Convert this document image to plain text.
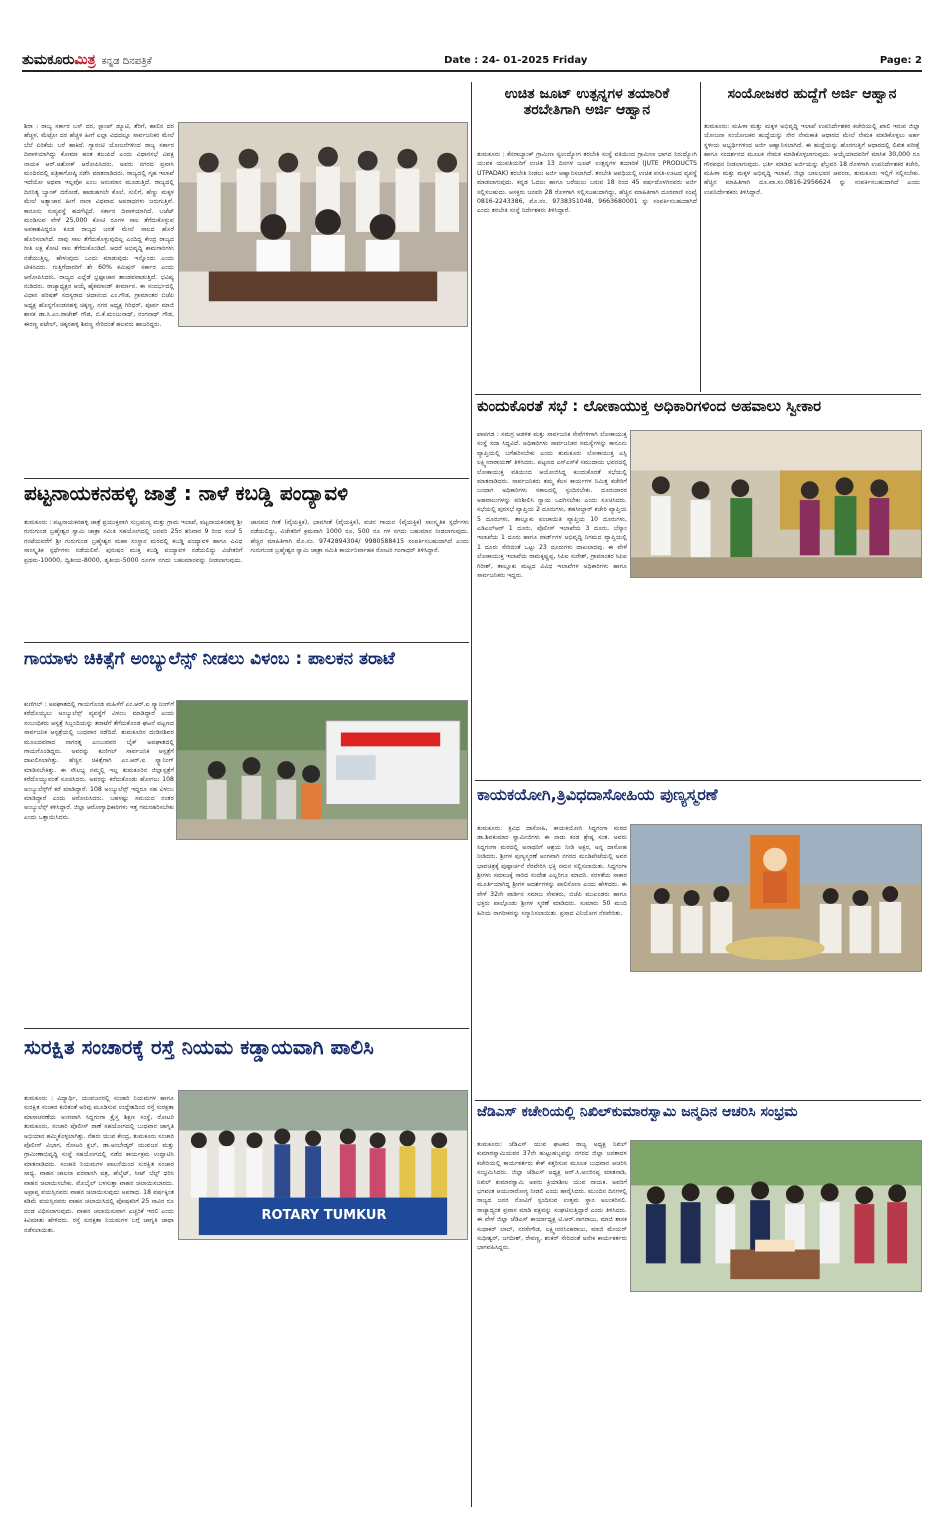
ತುಮಕೂರುಮಿತ್ರ ಕನ್ನಡ ದಿನಪತ್ರಿಕೆ	Date : 24- 01-2025 Friday	Page: 2
ಶಿರಾ : ರಾಜ್ಯ ಸರ್ಕಾರ ಬಸ್ ದರ, ಸ್ಟಾಂಪ್ ಡ್ಯೂಟಿ, ತೆರಿಗೆ, ಹಾಲಿನ ದರ ಹೆಚ್ಚಳ, ಮೆಟ್ರೋ ದರ ಹೆಚ್ಚಳ ಹೀಗೆ ಎಲ್ಲಾ ವಿಧದಲ್ಲೂ ಸಾರ್ವಜನಿಕರ ಮೇಲೆ ಬೆಲೆ ಏರಿಕೆಯ ಬರೆ ಹಾಕಿದೆ. ಗ್ಯಾರಂಟಿ ಯೋಜನೆಗಳಿಂದ ರಾಜ್ಯ ಸರ್ಕಾರ ದಿವಾಳಿಯಾಗಿದ್ದು ಕೋಮಾ ಹಂತ ತಲುಪಿದೆ ಎಂದು ವಿಧಾನಸಭೆ ವಿಪಕ್ಷ ನಾಯಕ ಆರ್.ಅಶೋಕ್ ಆರೋಪಿಸಿದರು. ಅವರು ನಗರದ ಪ್ರವಾಸಿ ಮಂದಿರದಲ್ಲಿ ಪತ್ರಿಕಾಗೋಷ್ಠಿ ನಡೆಸಿ ಮಾತನಾಡಿದರು. ರಾಜ್ಯದಲ್ಲಿ ಗೃಹ ಇಲಾಖೆ ಇದೆಯೋ ಅಥವಾ ಇಲ್ಲವೋ ಎಂಬ ಅನುಮಾನ ಮೂಡುತ್ತಿದೆ. ರಾಜ್ಯದಲ್ಲಿ ದಿನನಿತ್ಯ ಬ್ಯಾಂಕ್ ದರೋಡೆ, ಹಾಡುಹಗಲೇ ಕೊಲೆ, ಸುಲಿಗೆ, ಹೆಣ್ಣು ಮಕ್ಕಳ ಮೇಲೆ ಅತ್ಯಾಚಾರ ಹೀಗೆ ನಾನಾ ವಿಧವಾದ ಅಪರಾಧಗಳು ಜರುಗುತ್ತಿವೆ. ಕಾನೂನು ಸುವ್ಯವಸ್ಥೆ ಹದಗೆಟ್ಟಿದೆ. ಸರ್ಕಾರ ದಿವಾಳಿಯಾಗಿದೆ. ಬಜೆಟ್ ಮಂಡಿಸುವ ವೇಳೆ 25,000 ಕೋಟಿ ರೂಗಳ ಸಾಲ ತೆಗೆದುಕೊಳ್ಳುವ ಅವಕಾಶವಿದ್ದರೂ ಕೂಡ ರಾಜ್ಯದ ಜನತೆ ಮೇಲೆ ಸಾಲದ ಹೊರೆ ಹೊರಿಸಲಾಗಿದೆ. ನಾವು ಸಾಲ ತೆಗೆದುಕೊಳ್ಳುವುದಿಲ್ಲ ಎಂದಿದ್ದ ಕೇಂದ್ರ ರಾಜ್ಯದ ರೀತಿ ಲಕ್ಷ ಕೋಟಿ ಸಾಲ ತೆಗೆದುಕೊಂಡಿದೆ. ಆದರೆ ಅಭಿವೃದ್ಧಿ ಕಾಮಗಾರಿಗಳು ನಡೆಯುತ್ತಿಲ್ಲ. ಹೇಳುವುದು ಒಂದು ಮಾಡುವುದು ಇನ್ನೊಂದು ಎಂದು ಟೀಕಿಸಿದರು. ಗುತ್ತಿಗೆದಾರರಿಗೆ ಶೇ 60% ಕಮಿಷನ್ ಸರ್ಕಾರ ಎಂದು ಆರೋಪಿಸಿದರು. ರಾಜ್ಯದ ಎಲ್ಲೆಡೆ ಭ್ರಷ್ಟಾಚಾರ ತಾಂಡವವಾಡುತ್ತಿದೆ. ಭವಿಷ್ಯ ನುಡಿದರು. ರಾಜ್ಯಾಧ್ಯಕ್ಷರ ಆಯ್ಕೆ ಹೈಕಮಾಂಡ್ ತೀರ್ಮಾನ. ಈ ಸಂದರ್ಭದಲ್ಲಿ ವಿಧಾನ ಪರಿಷತ್ ಸದಸ್ಯರಾದ ಚಿದಾನಂದ ಎಂ.ಗೌಡ, ಗ್ರಾಮಾಂತರ ಬಿಜೆಪಿ ಅಧ್ಯಕ್ಷ ಹೊನ್ನಗೊಂಡನಹಳ್ಳಿ ಚಿಕ್ಕಣ್ಣ, ನಗರ ಅಧ್ಯಕ್ಷ ಗಿರಿಧರ್, ಪೂರ್ವ ಮಾಜಿ ಶಾಸಕ ಡಾ.ಸಿ.ಎಂ.ರಾಜೇಶ್ ಗೌಡ, ಬಿ.ಕೆ.ಮಂಜುನಾಥ್, ರಂಗನಾಥ್ ಗೌಡ, ಈರಣ್ಣ ಪಟೇಲ್, ಚಿಕ್ಕನಹಳ್ಳಿ ಶಿವಣ್ಣ ಸೇರಿದಂತೆ ಹಲವರು ಹಾಜರಿದ್ದರು.
ಪಟ್ಟನಾಯಕನಹಳ್ಳಿ ಜಾತ್ರೆ : ನಾಳೆ ಕಬಡ್ಡಿ ಪಂದ್ಯಾವಳಿ
ತುಮಕೂರು : ಪಟ್ಟನಾಯಕನಹಳ್ಳಿ ಜಾತ್ರೆ ಪ್ರಯುಕ್ತವಾಗಿ ಸುಬ್ರಮಣ್ಯ ಮತ್ತು ಗ್ರಾಮ ಇಲಾಖೆ, ಪಟ್ಟನಾಯಕನಹಳ್ಳಿ ಶ್ರೀ ಗುರುಗುಂಡ ಬ್ರಹ್ಮೇಶ್ವರ ಸ್ವಾಮಿ ಜಾತ್ರಾ ಸಮಿತಿ ಸಹಯೋಗದಲ್ಲಿ ಜನವರಿ 25ರ ಶನಿವಾರ 9 ರಿಂದ ಸಂಜೆ 5 ಗಂಟೆಯವರೆಗೆ ಶ್ರೀ ಗುರುಗುಂಡ ಬ್ರಹ್ಮೇಶ್ವರ ಮಹಾ ಸಂಸ್ಥಾನ ಮಠದಲ್ಲಿ ಕಬಡ್ಡಿ ಪಂದ್ಯಾವಳಿ ಹಾಗೂ ವಿವಿಧ ಸಾಂಸ್ಕೃತಿಕ ಸ್ಪರ್ಧೆಗಳು ನಡೆಯಲಿವೆ. ಪುರುಷರ ಮುಕ್ತ ಕಬಡ್ಡಿ ಪಂದ್ಯಾವಳಿ ನಡೆಯಲಿದ್ದು ವಿಜೇತರಿಗೆ ಪ್ರಥಮ-10000, ದ್ವಿತೀಯ-8000, ತೃತೀಯ-5000 ರೂಗಳ ನಗದು ಬಹುಮಾನವನ್ನು ನೀಡಲಾಗುವುದು. ಜಾನಪದ ಗೀತೆ (ವೈಯಕ್ತಿಕ), ಭಾವಗೀತೆ (ವೈಯಕ್ತಿಕ), ವಚನ ಗಾಯನ (ವೈಯಕ್ತಿಕ) ಸಾಂಸ್ಕೃತಿಕ ಸ್ಪರ್ಧೆಗಳು ನಡೆಯಲಿದ್ದು, ವಿಜೇತರಿಗೆ ಕ್ರಮವಾಗಿ 1000 ರೂ, 500 ರೂ ಗಳ ನಗದು ಬಹುಮಾನ ನೀಡಲಾಗುವುದು. ಹೆಚ್ಚಿನ ಮಾಹಿತಿಗಾಗಿ ಮೊ.ನಂ. 9742894304/ 9980588415 ಸಂಪರ್ಕಿಸಬಹುದಾಗಿದೆ ಎಂದು ಗುರುಗುಂಡ ಬ್ರಹ್ಮೇಶ್ವರ ಸ್ವಾಮಿ ಜಾತ್ರಾ ಸಮಿತಿ ಕಾರ್ಯನಿರ್ವಾಹಕ ರೋಟರಿ ಗಂಗಾಧರ್ ತಿಳಿಸಿದ್ದಾರೆ.
ಗಾಯಾಳು ಚಿಕಿತ್ಸೆಗೆ ಅಂಬ್ಯುಲೆನ್ಸ್ ನೀಡಲು ವಿಳಂಬ : ಪಾಲಕನ ತರಾಟೆ
ಕುಣಿಗಲ್ : ಅಪಘಾತದಲ್ಲಿ ಗಾಯಗೊಂಡ ಮಹಿಳೆಗೆ ಎಂ.ಆರ್.ಐ ಸ್ಕ್ಯಾನಿಂಗ್‌ಗೆ ಕರೆದೊಯ್ಯಲು ಅಂಬ್ಯುಲೆನ್ಸ್ ವ್ಯವಸ್ಥೆಗೆ ವಿಳಂಬ ಮಾಡಿದ್ದಾರೆ ಎಂದು ಸಂಬಂಧಿಕರು ಆಸ್ಪತ್ರೆ ಸಿಬ್ಬಂದಿಯನ್ನು ತರಾಟೆಗೆ ತೆಗೆದುಕೊಂಡ ಘಟನೆ ಪಟ್ಟಣದ ಸಾರ್ವಜನಿಕ ಆಸ್ಪತ್ರೆಯಲ್ಲಿ ಬುಧವಾರ ನಡೆದಿದೆ. ತುಮಕೂರಿನ ದಂಡಿನಶಿವರ ಮೂಲದವರಾದ ನಾಗರತ್ನ ಎಂಬುವವರ ಬೈಕ್ ಅಪಘಾತದಲ್ಲಿ ಗಾಯಗೊಂಡಿದ್ದರು. ಅವರನ್ನು ಕುಣಿಗಲ್ ಸಾರ್ವಜನಿಕ ಆಸ್ಪತ್ರೆಗೆ ದಾಖಲಿಸಲಾಗಿತ್ತು. ಹೆಚ್ಚಿನ ಚಿಕಿತ್ಸೆಗಾಗಿ ಎಂ.ಆರ್.ಐ ಸ್ಕ್ಯಾನಿಂಗ್ ಮಾಡಿಸಬೇಕಿತ್ತು. ಈ ಸೌಲಭ್ಯ ನಮ್ಮಲ್ಲಿ ಇಲ್ಲ ತುಮಕೂರಿನ ಜಿಲ್ಲಾಸ್ಪತ್ರೆಗೆ ಕರೆದೊಯ್ಯುವಂತೆ ಸೂಚಿಸಿದರು. ಅವರನ್ನು ಕರೆದುಕೊಂಡು ಹೋಗಲು 108 ಅಂಬ್ಯುಲೆನ್ಸ್‌ಗೆ ಕರೆ ಮಾಡಿದ್ದಾರೆ. 108 ಅಂಬ್ಯುಲೆನ್ಸ್ ಇದ್ದರೂ ಸಹ ವಿಳಂಬ ಮಾಡಿದ್ದಾರೆ ಎಂದು ಆರೋಪಿಸಿದರು. ಬಹಳಷ್ಟು ಸಮಯದ ನಂತರ ಅಂಬ್ಯುಲೆನ್ಸ್ ಕಳಿಸಿದ್ದಾರೆ. ಜಿಲ್ಲಾ ಆರೋಗ್ಯಾಧಿಕಾರಿಗಳು ಇತ್ತ ಗಮನಹರಿಸಬೇಕು ಎಂದು ಒತ್ತಾಯಿಸಿದರು.
ಸುರಕ್ಷಿತ ಸಂಚಾರಕ್ಕೆ ರಸ್ತೆ ನಿಯಮ ಕಡ್ಡಾಯವಾಗಿ ಪಾಲಿಸಿ
ತುಮಕೂರು : ವಿದ್ಯಾರ್ಥಿ, ಯುವಜನರಲ್ಲಿ ಸಂಚಾರಿ ನಿಯಮಗಳ ಹಾಗೂ ಸುರಕ್ಷಿತ ಸಂಚಾರ ಕುರಿತಂತೆ ಅರಿವು ಮೂಡಿಸುವ ಉದ್ದೇಶದಿಂದ ರಸ್ತೆ ಸುರಕ್ಷತಾ ಮಾಸಾಚರಣೆಯ ಅಂಗವಾಗಿ ಸಿದ್ದಗಂಗಾ ಕ್ರೈಸ್ತ ಶಿಕ್ಷಣ ಸಂಸ್ಥೆ, ರೋಟರಿ ತುಮಕೂರು, ಸಂಚಾರಿ ಪೊಲೀಸ್ ಠಾಣೆ ಸಹಯೋಗದಲ್ಲಿ ಬುಧವಾರ ಜಾಗೃತಿ ಅಭಿಯಾನ ಹಮ್ಮಿಕೊಳ್ಳಲಾಗಿತ್ತು. ನೆಹರು ಯುವ ಕೇಂದ್ರ, ತುಮಕೂರು ಸಂಚಾರಿ ಪೊಲೀಸ್ ವಿಭಾಗ, ರೋಟರಿ ಕ್ಲಬ್, ಡಾ.ಅಂಬೇಡ್ಕರ್ ಯುವಜನ ಮತ್ತು ಗ್ರಾಮೀಣಾಭಿವೃದ್ಧಿ ಸಂಸ್ಥೆ ಸಹಯೋಗದಲ್ಲಿ ನಡೆದ ಕಾರ್ಯಕ್ರಮ ಉದ್ಘಾಟಿಸಿ ಮಾತನಾಡಿದರು. ಸಂಚಾರಿ ನಿಯಮಗಳ ಪಾಲನೆಯಿಂದ ಸುರಕ್ಷಿತ ಸಂಚಾರ ಸಾಧ್ಯ. ವಾಹನ ಚಾಲನಾ ಪರವಾನಗಿ ಪತ್ರ, ಹೆಲ್ಮೆಟ್, ಸೀಟ್ ಬೆಲ್ಟ್ ಧರಿಸಿ ವಾಹನ ಚಲಾಯಿಸಬೇಕು. ಮೊಬೈಲ್ ಬಳಸುತ್ತಾ ವಾಹನ ಚಲಾಯಿಸಬಾರದು. ಅಪ್ರಾಪ್ತ ವಯಸ್ಸಿನವರು ವಾಹನ ಚಲಾಯಿಸುವುದು ಅಪರಾಧ. 18 ವರ್ಷಕ್ಕಿಂತ ಕಡಿಮೆ ವಯಸ್ಸಿನವರು ವಾಹನ ಚಲಾಯಿಸಿದಲ್ಲಿ ಪೋಷಕರಿಗೆ 25 ಸಾವಿರ ರೂ ದಂಡ ವಿಧಿಸಲಾಗುವುದು. ವಾಹನ ಚಲಾಯಿಸುವಾಗ ಎಚ್ಚರಿಕೆ ಇರಲಿ ಎಂದು ಕಿವಿಮಾತು ಹೇಳಿದರು. ರಸ್ತೆ ಸುರಕ್ಷತಾ ನಿಯಮಗಳ ಬಗ್ಗೆ ಜಾಗೃತಿ ಜಾಥಾ ನಡೆಸಲಾಯಿತು.
ROTARY TUMKUR
ಉಚಿತ ಜೂಟ್ ಉತ್ಪನ್ನಗಳ ತಯಾರಿಕೆ ತರಬೇತಿಗಾಗಿ ಅರ್ಜಿ ಆಹ್ವಾನ
ತುಮಕೂರು : ಕೆನರಾಬ್ಯಾಂಕ್ ಗ್ರಾಮೀಣ ಸ್ವಉದ್ಯೋಗ ತರಬೇತಿ ಸಂಸ್ಥೆ ವತಿಯಿಂದ ಗ್ರಾಮೀಣ ಭಾಗದ ನಿರುದ್ಯೋಗಿ ಯುವಕ ಯುವತಿಯರಿಗೆ ಉಚಿತ 13 ದಿನಗಳ ಜೂಟ್ ಉತ್ಪನ್ನಗಳ ತಯಾರಿಕೆ (JUTE PRODUCTS UTPADAK) ತರಬೇತಿ ನೀಡಲು ಅರ್ಜಿ ಆಹ್ವಾನಿಸಲಾಗಿದೆ. ತರಬೇತಿ ಅವಧಿಯಲ್ಲಿ ಉಚಿತ ವಸತಿ-ಊಟದ ವ್ಯವಸ್ಥೆ ಮಾಡಲಾಗುವುದು. ಕನ್ನಡ ಓದಲು ಹಾಗೂ ಬರೆಯಲು ಬರುವ 18 ರಿಂದ 45 ವರ್ಷದೊಳಗಿನವರು ಅರ್ಜಿ ಸಲ್ಲಿಸಬಹುದು. ಆಸಕ್ತರು ಜನವರಿ 28 ರೊಳಗಾಗಿ ಸಲ್ಲಿಸಬಹುದಾಗಿದ್ದು, ಹೆಚ್ಚಿನ ಮಾಹಿತಿಗಾಗಿ ದೂರವಾಣಿ ಸಂಖ್ಯೆ 0816-2243386, ಮೊ.ನಂ. 9738351048, 9663680001 ನ್ನು ಸಂಪರ್ಕಿಸಬಹುದಾಗಿದೆ ಎಂದು ತರಬೇತಿ ಸಂಸ್ಥೆ ನಿರ್ದೇಶಕರು ತಿಳಿಸಿದ್ದಾರೆ.
ಸಂಯೋಜಕರ ಹುದ್ದೆಗೆ ಅರ್ಜಿ ಆಹ್ವಾನ
ತುಮಕೂರು: ಮಹಿಳಾ ಮತ್ತು ಮಕ್ಕಳ ಅಭಿವೃದ್ಧಿ ಇಲಾಖೆ ಉಪನಿರ್ದೇಶಕರ ಕಚೇರಿಯಲ್ಲಿ ಖಾಲಿ ಇರುವ ಜಿಲ್ಲಾ ಯೋಜನಾ ಸಂಯೋಜಕರ ಹುದ್ದೆಯನ್ನು ನೇರ ನೇಮಕಾತಿ ಆಧಾರದ ಮೇಲೆ ನೇಮಕ ಮಾಡಿಕೊಳ್ಳಲು ಅರ್ಹ ಸ್ಥಳೀಯ ಅಭ್ಯರ್ಥಿಗಳಿಂದ ಅರ್ಜಿ ಆಹ್ವಾನಿಸಲಾಗಿದೆ. ಈ ಹುದ್ದೆಯನ್ನು ಹೊರಗುತ್ತಿಗೆ ಆಧಾರದಲ್ಲಿ ಲಿಖಿತ ಪರೀಕ್ಷೆ ಹಾಗೂ ಸಂದರ್ಶನದ ಮೂಲಕ ನೇಮಕ ಮಾಡಿಕೊಳ್ಳಲಾಗುವುದು. ಆಯ್ಕೆಯಾದವರಿಗೆ ಮಾಸಿಕ 30,000 ರೂ ಗೌರವಧನ ನೀಡಲಾಗುವುದು. ಭರ್ತಿ ಮಾಡಿದ ಅರ್ಜಿಯನ್ನು ಫೆಬ್ರವರಿ 18 ರೊಳಗಾಗಿ ಉಪನಿರ್ದೇಶಕರ ಕಚೇರಿ, ಮಹಿಳಾ ಮತ್ತು ಮಕ್ಕಳ ಅಭಿವೃದ್ಧಿ ಇಲಾಖೆ, ಜಿಲ್ಲಾ ಬಾಲಭವನ ಆವರಣ, ತುಮಕೂರು ಇಲ್ಲಿಗೆ ಸಲ್ಲಿಸಬೇಕು. ಹೆಚ್ಚಿನ ಮಾಹಿತಿಗಾಗಿ ದೂ.ವಾ.ಸಂ.0816-2956624 ನ್ನು ಸಂಪರ್ಕಿಸಬಹುದಾಗಿದೆ ಎಂದು ಉಪನಿರ್ದೇಶಕರು ತಿಳಿಸಿದ್ದಾರೆ.
ಕುಂದುಕೊರತೆ ಸಭೆ : ಲೋಕಾಯುಕ್ತ ಅಧಿಕಾರಿಗಳಿಂದ ಅಹವಾಲು ಸ್ವೀಕಾರ
ಪಾವಗಡ : ಸಮಗ್ರ ಆಡಳಿತ ಮತ್ತು ಸಾರ್ವಜನಿಕ ಸೇವೆಗಳಿಗಾಗಿ ಲೋಕಾಯುಕ್ತ ಸಂಸ್ಥೆ ಸದಾ ಸಿದ್ಧವಿದೆ. ಅಧಿಕಾರಿಗಳು ಸಾರ್ವಜನಿಕರ ಸಮಸ್ಯೆಗಳನ್ನು ಕಾನೂನು ವ್ಯಾಪ್ತಿಯಲ್ಲಿ ಬಗೆಹರಿಸಬೇಕು ಎಂದು ತುಮಕೂರು ಲೋಕಾಯುಕ್ತ ಎಸ್ಪಿ ಲಕ್ಷ್ಮೀನಾರಾಯಣ್ ತಿಳಿಸಿದರು. ಪಟ್ಟಣದ ಎಸ್‌ಎಸ್‌ಕೆ ಸಮುದಾಯ ಭವನದಲ್ಲಿ ಲೋಕಾಯುಕ್ತ ವತಿಯಿಂದ ಆಯೋಜಿಸಿದ್ದ ಕುಂದುಕೊರತೆ ಸಭೆಯಲ್ಲಿ ಮಾತನಾಡಿದರು. ಸಾರ್ವಜನಿಕರು ತಮ್ಮ ಕೆಲಸ ಕಾರ್ಯಗಳ ನಿಮಿತ್ತ ಕಚೇರಿಗೆ ಬಂದಾಗ ಅಧಿಕಾರಿಗಳು ಸಕಾಲದಲ್ಲಿ ಸ್ಪಂದಿಸಬೇಕು. ದೂರುದಾರರ ಅಹವಾಲುಗಳನ್ನು ಪರಿಶೀಲಿಸಿ ನ್ಯಾಯ ಒದಗಿಸಬೇಕು ಎಂದು ಸೂಚಿಸಿದರು. ಸಭೆಯಲ್ಲಿ ಪುರಸಭೆ ವ್ಯಾಪ್ತಿಯ 2 ದೂರುಗಳು, ತಹಸೀಲ್ದಾರ್ ಕಚೇರಿ ವ್ಯಾಪ್ತಿಯ 5 ದೂರುಗಳು, ತಾಲ್ಲೂಕು ಪಂಚಾಯಿತಿ ವ್ಯಾಪ್ತಿಯ 10 ದೂರುಗಳು, ಎಡಿಎಲ್‌ಆರ್ 1 ದೂರು, ಪೊಲೀಸ್ ಇಲಾಖೆಯ 3 ದೂರು, ಬೆಸ್ಕಾಂ ಇಲಾಖೆಯ 1 ದೂರು ಹಾಗೂ ವಾರ್ಡ್‌ಗಳ ಅಭಿವೃದ್ಧಿ ನಿಗಮದ ವ್ಯಾಪ್ತಿಯಲ್ಲಿ 1 ದೂರು ಸೇರಿದಂತೆ ಒಟ್ಟು 23 ದೂರುಗಳು ದಾಖಲಾದವು. ಈ ವೇಳೆ ಲೋಕಾಯುಕ್ತ ಇಲಾಖೆಯ ರಾಮಕೃಷ್ಣಪ್ಪ, ಸಿಪಿಐ ಸುರೇಶ್, ಗ್ರಾಮಾಂತರ ಸಿಪಿಐ ಗಿರೀಶ್, ತಾಲ್ಲೂಕು ಮಟ್ಟದ ವಿವಿಧ ಇಲಾಖೆಗಳ ಅಧಿಕಾರಿಗಳು ಹಾಗೂ ಸಾರ್ವಜನಿಕರು ಇದ್ದರು.
ಕಾಯಕಯೋಗಿ,ತ್ರಿವಿಧದಾಸೋಹಿಯ ಪುಣ್ಯಸ್ಮರಣೆ
ತುಮಕೂರು: ತ್ರಿವಿಧ ದಾಸೋಹಿ, ಕಾಯಕಯೋಗಿ ಸಿದ್ಧಗಂಗಾ ಮಠದ ಡಾ.ಶಿವಕುಮಾರ ಸ್ವಾಮೀಜಿಗಳು ಈ ನಾಡು ಕಂಡ ಶ್ರೇಷ್ಠ ಸಂತ. ಅವರು ಸಿದ್ದಗಂಗಾ ಮಠದಲ್ಲಿ ಅನಾಥರಿಗೆ ಆಶ್ರಯ ನೀಡಿ ಅಕ್ಷರ, ಅನ್ನ ದಾಸೋಹ ನೀಡಿದರು. ಶ್ರೀಗಳ ಪುಣ್ಯಸ್ಮರಣೆ ಅಂಗವಾಗಿ ನಗರದ ಮಂಡಿಪೇಟೆಯಲ್ಲಿ ಅವರ ಭಾವಚಿತ್ರಕ್ಕೆ ಪುಷ್ಪಾರ್ಚನೆ ನೆರವೇರಿಸಿ ಭಕ್ತಿ ನಮನ ಸಲ್ಲಿಸಲಾಯಿತು. ಸಿದ್ದಗಂಗಾ ಶ್ರೀಗಳು ಸಮಾಜಕ್ಕೆ ಸಾರಿದ ಸಂದೇಶ ಎಲ್ಲರಿಗೂ ಮಾದರಿ. ಸರಳತೆಯ ಸಾಕಾರ ಮೂರ್ತಿಯಾಗಿದ್ದ ಶ್ರೀಗಳ ಆದರ್ಶಗಳನ್ನು ಪಾಲಿಸೋಣ ಎಂದು ಹೇಳಿದರು. ಈ ವೇಳೆ 32ನೇ ವಾರ್ಡಿನ ಸಮಾಜ ಸೇವಕರು, ಬಿಜೆಪಿ ಮುಖಂಡರು ಹಾಗೂ ಭಕ್ತರು ಪಾಲ್ಗೊಂಡು ಶ್ರೀಗಳ ಸ್ಮರಣೆ ಮಾಡಿದರು. ಸುಮಾರು 50 ಮಂದಿ ಹಿರಿಯ ನಾಗರೀಕರನ್ನು ಸನ್ಮಾನಿಸಲಾಯಿತು. ಪ್ರಸಾದ ವಿನಿಯೋಗ ನೆರವೇರಿತು.
ಜೆಡಿಎಸ್ ಕಚೇರಿಯಲ್ಲಿ ನಿಖಿಲ್‌ಕುಮಾರಸ್ವಾಮಿ ಜನ್ಮದಿನ ಆಚರಿಸಿ ಸಂಭ್ರಮ
ತುಮಕೂರು: ಜೆಡಿಎಸ್ ಯುವ ಘಟಕದ ರಾಜ್ಯ ಅಧ್ಯಕ್ಷ ನಿಖಿಲ್ ಕುಮಾರಸ್ವಾಮಿಯವರ 37ನೇ ಹುಟ್ಟುಹಬ್ಬವನ್ನು ನಗರದ ಜಿಲ್ಲಾ ಜನತಾದಳ ಕಚೇರಿಯಲ್ಲಿ ಕಾರ್ಯಕರ್ತರು ಕೇಕ್ ಕತ್ತರಿಸುವ ಮೂಲಕ ಬುಧವಾರ ಆಚರಿಸಿ ಸಂಭ್ರಮಿಸಿದರು. ಜಿಲ್ಲಾ ಜೆಡಿಎಸ್ ಅಧ್ಯಕ್ಷ ಆರ್.ಸಿ.ಅಂಜಿನಪ್ಪ ಮಾತನಾಡಿ, ನಿಖಿಲ್ ಕುಮಾರಸ್ವಾಮಿ ಅವರು ಕ್ರಿಯಾಶೀಲ ಯುವ ನಾಯಕ. ಅವರಿಗೆ ಭಗವಂತ ಆಯುರಾರೋಗ್ಯ ನೀಡಲಿ ಎಂದು ಹಾರೈಸಿದರು. ಮುಂದಿನ ದಿನಗಳಲ್ಲಿ ರಾಜ್ಯದ ಜನರ ನೋವಿಗೆ ಸ್ಪಂದಿಸುವ ಉತ್ತಮ ಸ್ಥಾನ ಅಲಂಕರಿಸಲಿ. ರಾಜ್ಯಾದ್ಯಂತ ಪ್ರವಾಸ ಮಾಡಿ ಪಕ್ಷವನ್ನು ಸಂಘಟಿಸುತ್ತಿದ್ದಾರೆ ಎಂದು ತಿಳಿಸಿದರು. ಈ ವೇಳೆ ಜಿಲ್ಲಾ ಜೆಡಿಎಸ್ ಕಾರ್ಯಾಧ್ಯಕ್ಷ ಟಿ.ಆರ್.ನಾಗರಾಜು, ಮಾಜಿ ಶಾಸಕ ಸುಧಾಕರ್ ಲಾಲ್, ನರಸೇಗೌಡ, ಲಕ್ಷ್ಮೀನರಸಿಂಹರಾಜು, ಮಾಜಿ ಮೇಯರ್ ಸುಧೀಶ್ವರ್, ಜಗದೀಶ್, ರೇವಣ್ಣ, ಶಂಕರ್ ಸೇರಿದಂತೆ ಅನೇಕ ಕಾರ್ಯಕರ್ತರು ಭಾಗವಹಿಸಿದ್ದರು.
